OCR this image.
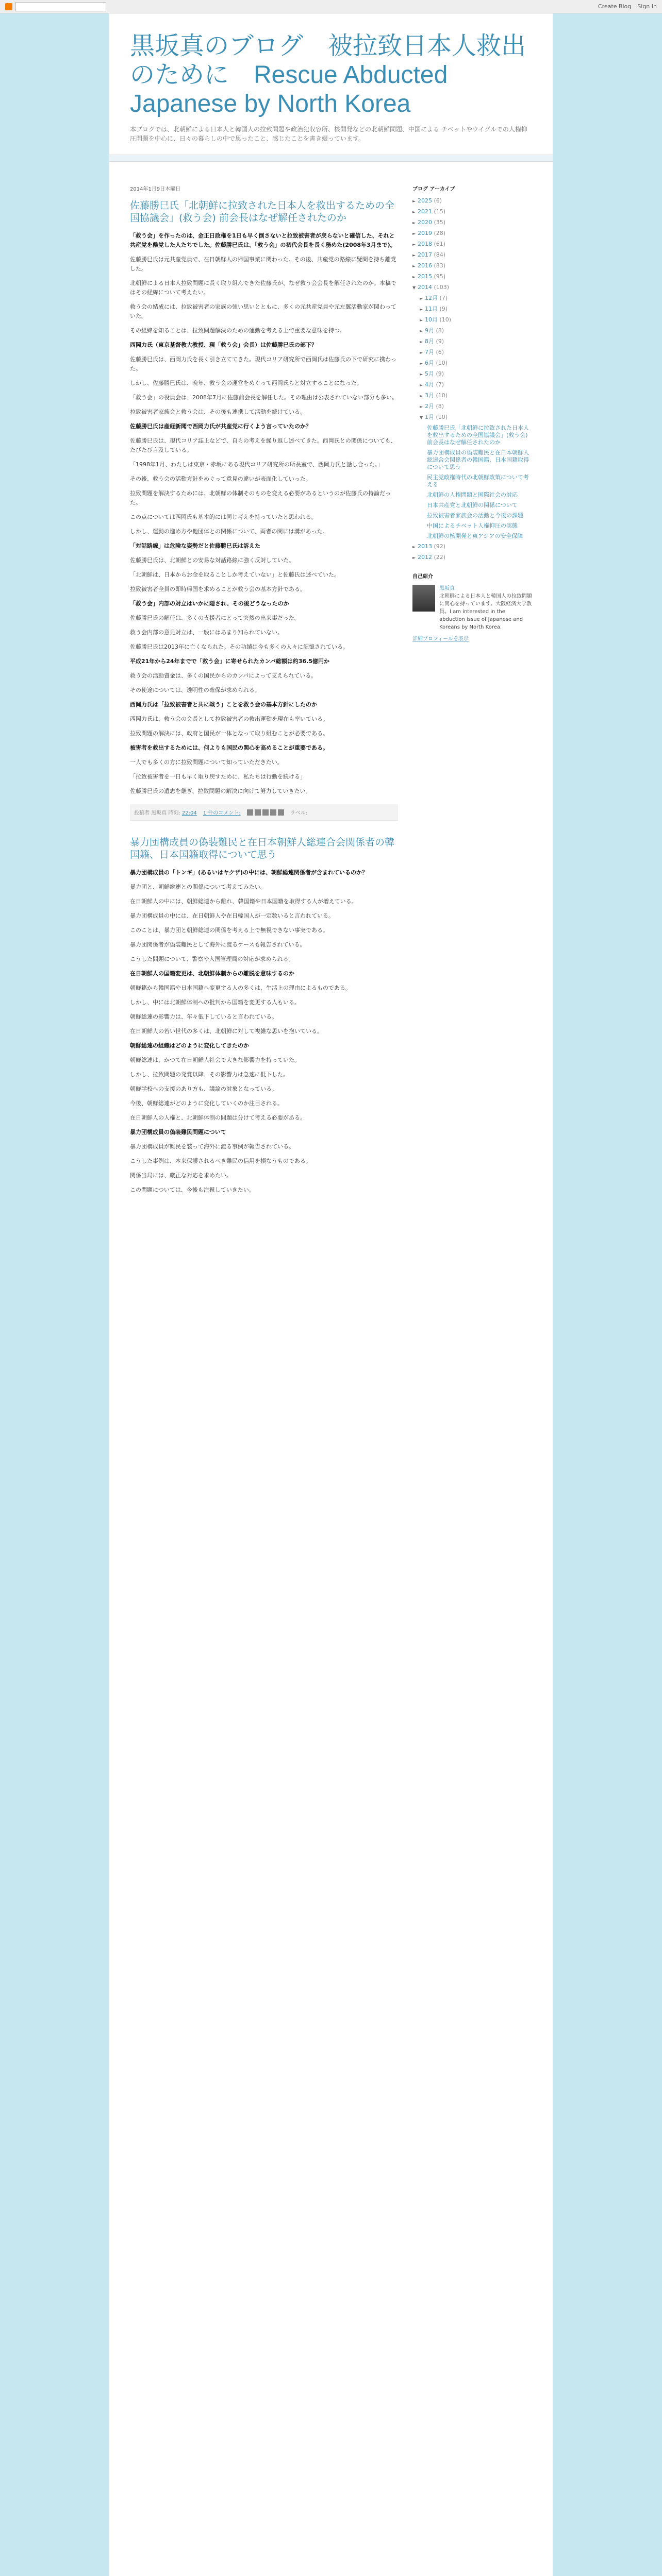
Create Blog Sign In
黒坂真のブログ　被拉致日本人救出のために　Rescue Abducted Japanese by North Korea
本ブログでは、北朝鮮による日本人と韓国人の拉致問題や政治犯収容所、核開発などの北朝鮮問題、中国による チベットやウイグルでの人権抑圧問題を中心に、日々の暮らしの中で思ったこと、感じたことを書き綴っています。
2014年1月9日木曜日
佐藤勝巳氏「北朝鮮に拉致された日本人を救出するための全国協議会」(救う会) 前会長はなぜ解任されたのか

「救う会」を作ったのは、金正日政権を1日も早く倒さないと拉致被害者が戻らないと確信した、それと共産党を離党した人たちでした。佐藤勝巳氏は、「救う会」の初代会長を長く務めた(2008年3月まで)。

佐藤勝巳氏は元共産党員で、在日朝鮮人の帰国事業に関わった。その後、共産党の路線に疑問を持ち離党した。

北朝鮮による日本人拉致問題に長く取り組んできた佐藤氏が、なぜ救う会会長を解任されたのか。本稿ではその経緯について考えたい。

救う会の結成には、拉致被害者の家族の強い思いとともに、多くの元共産党員や元左翼活動家が関わっていた。

その経緯を知ることは、拉致問題解決のための運動を考える上で重要な意味を持つ。

西岡力氏（東京基督教大教授、現「救う会」会長）は佐藤勝巳氏の部下？

佐藤勝巳氏は、西岡力氏を長く引き立ててきた。現代コリア研究所で西岡氏は佐藤氏の下で研究に携わった。

しかし、佐藤勝巳氏は、晩年、救う会の運営をめぐって西岡氏らと対立することになった。

「救う会」の役員会は、2008年7月に佐藤前会長を解任した。その理由は公表されていない部分も多い。

拉致被害者家族会と救う会は、その後も連携して活動を続けている。

佐藤勝巳氏は産経新聞で西岡力氏が共産党に行くよう言っていたのか？

佐藤勝巳氏は、現代コリア誌上などで、自らの考えを繰り返し述べてきた。西岡氏との関係についても、たびたび言及している。

「1998年1月、わたしは東京・赤坂にある現代コリア研究所の所長室で、西岡力氏と話し合った。」

その後、救う会の活動方針をめぐって意見の違いが表面化していった。

拉致問題を解決するためには、北朝鮮の体制そのものを変える必要があるというのが佐藤氏の持論だった。

この点については西岡氏も基本的には同じ考えを持っていたと思われる。

しかし、運動の進め方や他団体との関係について、両者の間には溝があった。

「対話路線」は危険な姿勢だと佐藤勝巳氏は訴えた

佐藤勝巳氏は、北朝鮮との安易な対話路線に強く反対していた。

「北朝鮮は、日本からお金を取ることしか考えていない」と佐藤氏は述べていた。

拉致被害者全員の即時帰国を求めることが救う会の基本方針である。

「救う会」内部の対立はいかに隠され、その後どうなったのか

佐藤勝巳氏の解任は、多くの支援者にとって突然の出来事だった。

救う会内部の意見対立は、一般にはあまり知られていない。

佐藤勝巳氏は2013年に亡くなられた。その功績は今も多くの人々に記憶されている。

平成21年から24年までで「救う会」に寄せられたカンパ総額は約36.5億円か

救う会の活動資金は、多くの国民からのカンパによって支えられている。

その使途については、透明性の確保が求められる。

西岡力氏は「拉致被害者と共に戦う」ことを救う会の基本方針にしたのか

西岡力氏は、救う会の会長として拉致被害者の救出運動を現在も率いている。

拉致問題の解決には、政府と国民が一体となって取り組むことが必要である。

被害者を救出するためには、何よりも国民の関心を高めることが重要である。

一人でも多くの方に拉致問題について知っていただきたい。

「拉致被害者を一日も早く取り戻すために、私たちは行動を続ける」

佐藤勝巳氏の遺志を継ぎ、拉致問題の解決に向けて努力していきたい。

投稿者 黒坂真 時刻: 22:04 1 件のコメント:	ラベル:
暴力団構成員の偽装難民と在日本朝鮮人総連合会関係者の韓国籍、日本国籍取得について思う

暴力団構成員の「トンギ」(あるいはヤクザ)の中には、朝鮮総連関係者が含まれているのか？

暴力団と、朝鮮総連との関係について考えてみたい。

在日朝鮮人の中には、朝鮮総連から離れ、韓国籍や日本国籍を取得する人が増えている。

暴力団構成員の中には、在日朝鮮人や在日韓国人が一定数いると言われている。

このことは、暴力団と朝鮮総連の関係を考える上で無視できない事実である。

暴力団関係者が偽装難民として海外に渡るケースも報告されている。

こうした問題について、警察や入国管理局の対応が求められる。

在日朝鮮人の国籍変更は、北朝鮮体制からの離脱を意味するのか

朝鮮籍から韓国籍や日本国籍へ変更する人の多くは、生活上の理由によるものである。

しかし、中には北朝鮮体制への批判から国籍を変更する人もいる。

朝鮮総連の影響力は、年々低下していると言われている。

在日朝鮮人の若い世代の多くは、北朝鮮に対して複雑な思いを抱いている。

朝鮮総連の組織はどのように変化してきたのか

朝鮮総連は、かつて在日朝鮮人社会で大きな影響力を持っていた。

しかし、拉致問題の発覚以降、その影響力は急速に低下した。

朝鮮学校への支援のあり方も、議論の対象となっている。

今後、朝鮮総連がどのように変化していくのか注目される。

在日朝鮮人の人権と、北朝鮮体制の問題は分けて考える必要がある。

暴力団構成員の偽装難民問題について

暴力団構成員が難民を装って海外に渡る事例が報告されている。

こうした事例は、本来保護されるべき難民の信用を損なうものである。

関係当局には、厳正な対応を求めたい。

この問題については、今後も注視していきたい。

ブログ アーカイブ
► 2025 (6)
► 2021 (15)
► 2020 (35)
► 2019 (28)
► 2018 (61)
► 2017 (84)
► 2016 (83)
► 2015 (95)
▼ 2014 (103)
► 12月 (7)
► 11月 (9)
► 10月 (10)
► 9月 (8)
► 8月 (9)
► 7月 (6)
► 6月 (10)
► 5月 (9)
► 4月 (7)
► 3月 (10)
► 2月 (8)
▼ 1月 (10)
佐藤勝巳氏「北朝鮮に拉致された日本人を救出するための全国協議会」(救う会) 前会長はなぜ解任されたのか
暴力団構成員の偽装難民と在日本朝鮮人総連合会関係者の韓国籍、日本国籍取得について思う
民主党政権時代の北朝鮮政策について考える
北朝鮮の人権問題と国際社会の対応
日本共産党と北朝鮮の関係について
拉致被害者家族会の活動と今後の課題
中国によるチベット人権抑圧の実態
北朝鮮の核開発と東アジアの安全保障
► 2013 (92)
► 2012 (22)
自己紹介
黒坂真
北朝鮮による日本人と韓国人の拉致問題に関心を持っています。大阪経済大学教員。I am interested in the abduction issue of Japanese and Koreans by North Korea.
詳細プロフィールを表示
